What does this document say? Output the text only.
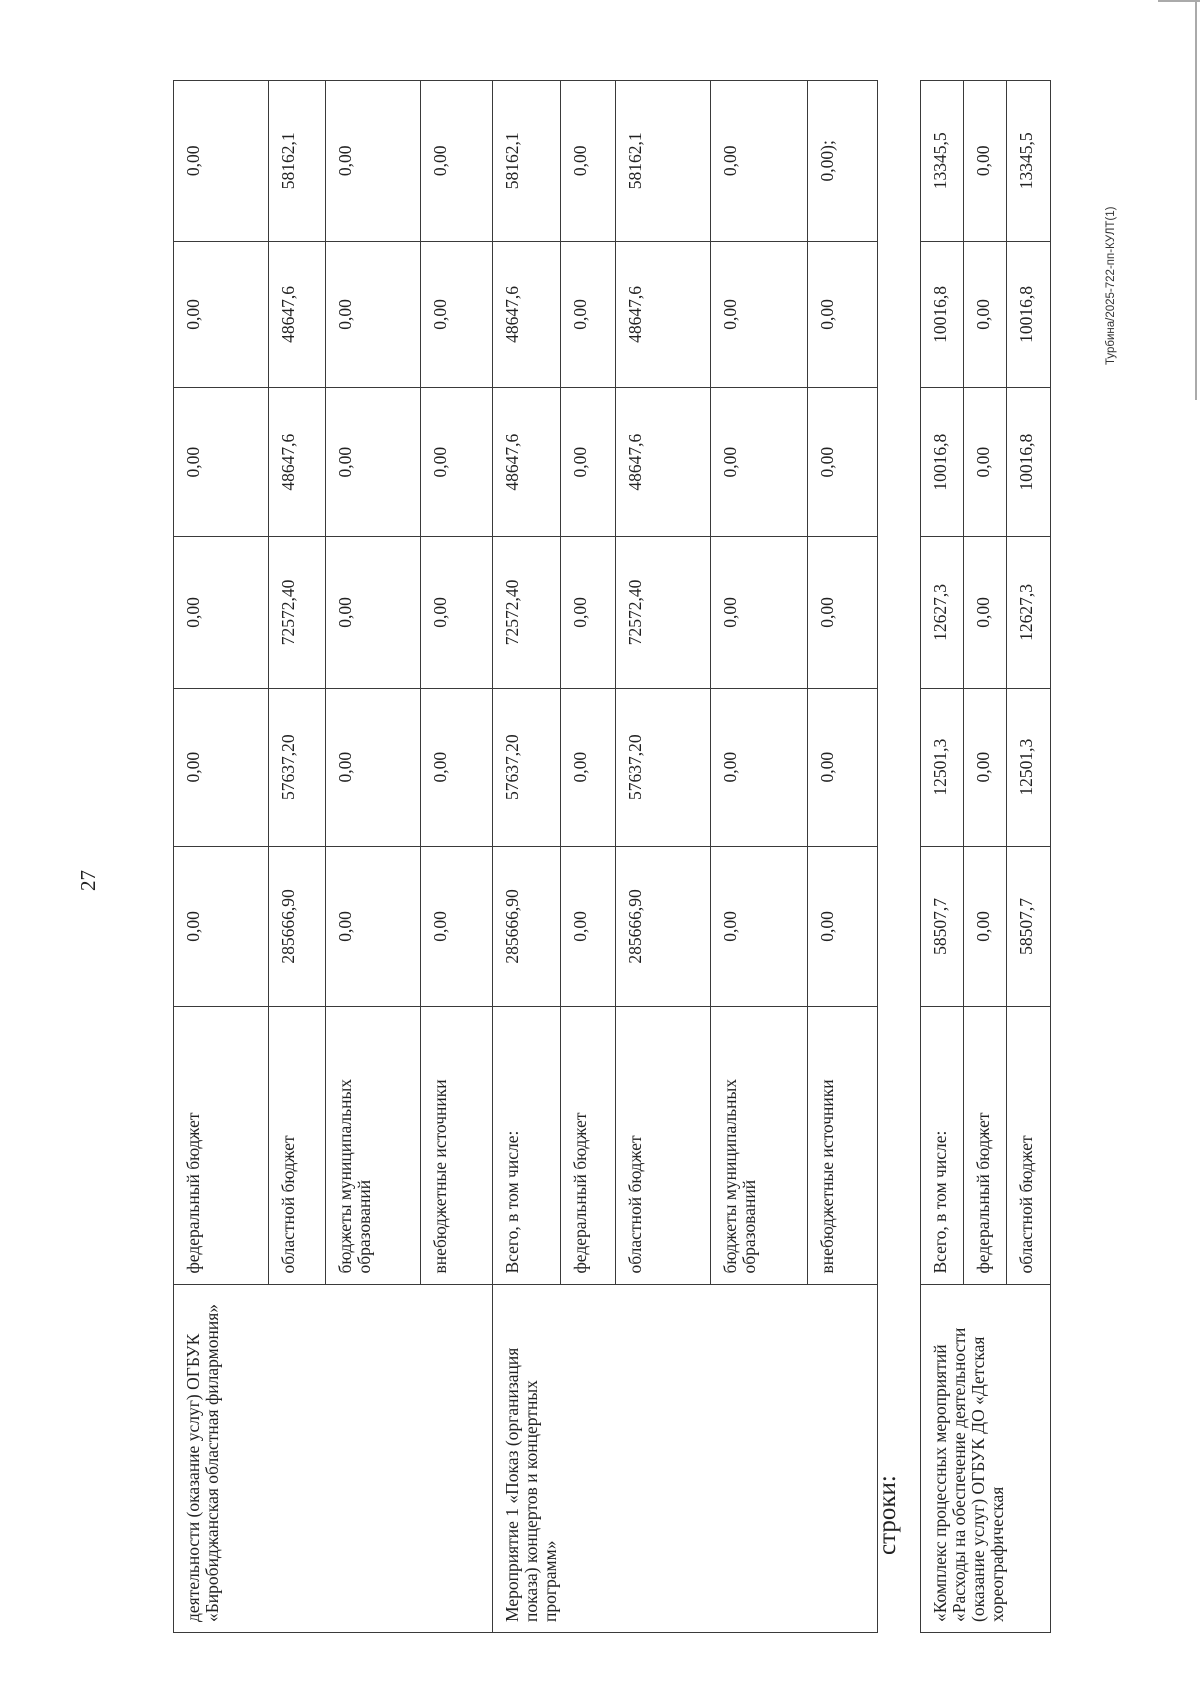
27
деятельности (оказание услуг) ОГБУК «Биробиджанская областная филармония»	федеральный бюджет	0,00	0,00	0,00	0,00	0,00	0,00
	областной бюджет	285666,90	57637,20	72572,40	48647,6	48647,6	58162,1
	бюджеты муниципальных образований	0,00	0,00	0,00	0,00	0,00	0,00
	внебюджетные источники	0,00	0,00	0,00	0,00	0,00	0,00
Мероприятие 1 «Показ (организация показа) концертов и концертных программ»	Всего, в том числе:	285666,90	57637,20	72572,40	48647,6	48647,6	58162,1
	федеральный бюджет	0,00	0,00	0,00	0,00	0,00	0,00
	областной бюджет	285666,90	57637,20	72572,40	48647,6	48647,6	58162,1
	бюджеты муниципальных образований	0,00	0,00	0,00	0,00	0,00	0,00
	внебюджетные источники	0,00	0,00	0,00	0,00	0,00	0,00);
строки: «Комплекс процессных мероприятий «Расходы на обеспечение деятельности (оказание услуг) ОГБУК ДО «Детская хореографическая	Всего, в том числе:	58507,7	12501,3	12627,3	10016,8	10016,8	13345,5
	федеральный бюджет	0,00	0,00	0,00	0,00	0,00	0,00
	областной бюджет	58507,7	12501,3	12627,3	10016,8	10016,8	13345,5
Турбина/2025-722-пп-КУЛТ(1)
